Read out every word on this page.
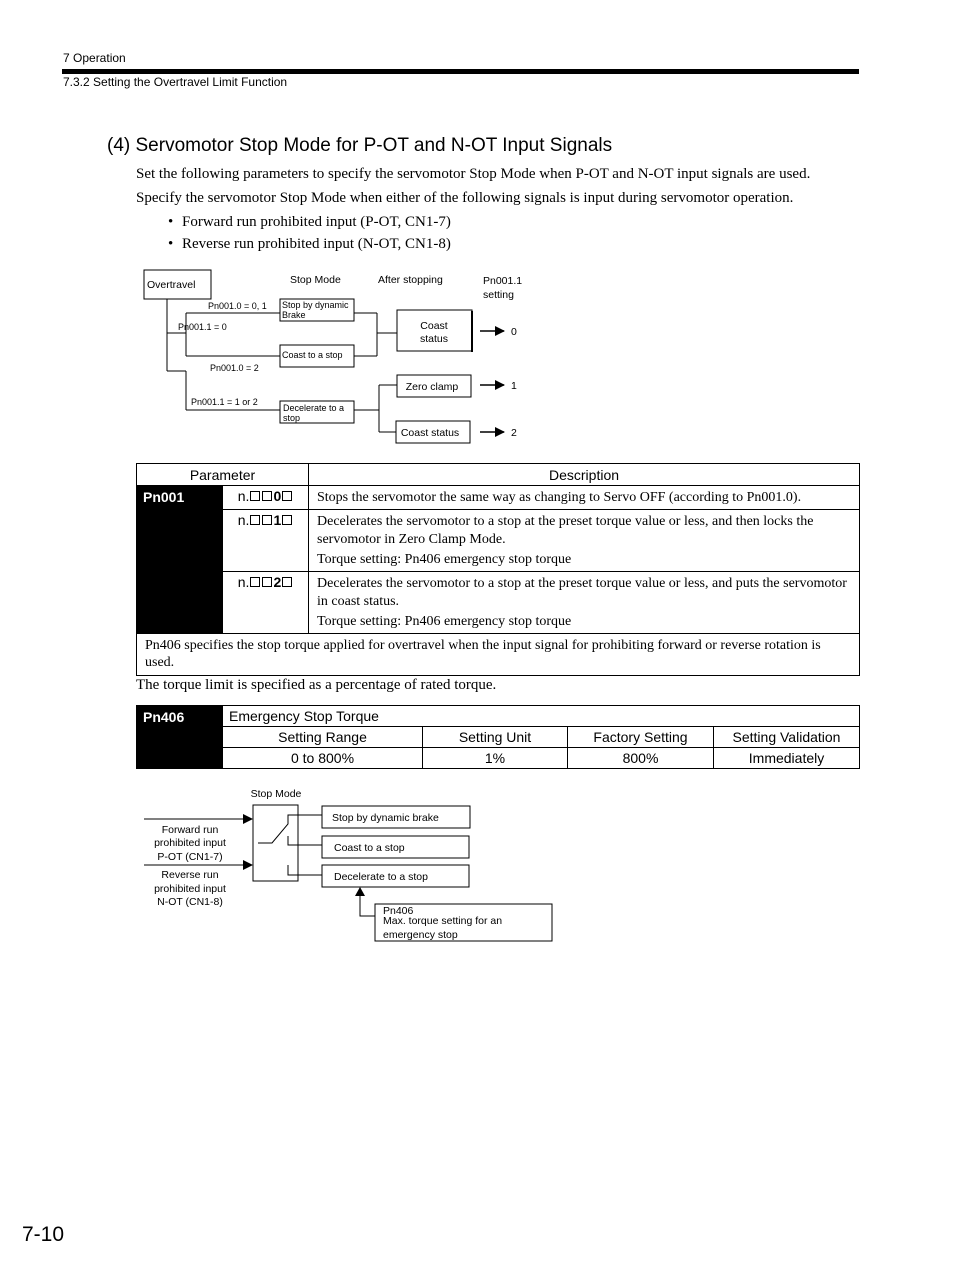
7 Operation
7.3.2 Setting the Overtravel Limit Function
(4) Servomotor Stop Mode for P-OT and N-OT Input Signals
Set the following parameters to specify the servomotor Stop Mode when P-OT and N-OT input signals are used.
Specify the servomotor Stop Mode when either of the following signals is input during servomotor operation.
• Forward run prohibited input (P-OT, CN1-7)
• Reverse run prohibited input (N-OT, CN1-8)
Overtravel	Stop Mode	After stopping	Pn001.1
setting
Pn001.0 = 0, 1
Pn001.1 = 0
Pn001.0 = 2
Pn001.1 = 1 or 2
Stop by dynamic
Brake
Coast to a stop
Decelerate to a
stop
Coast
status
Zero clamp
Coast status
0
1
2
Parameter		Description
Pn001	n. 0	Stops the servomotor the same way as changing to Servo OFF (according to Pn001.0).

	n. 1	Decelerates the servomotor to a stop at the preset torque value or less, and then locks the servomotor in Zero Clamp Mode.
Torque setting: Pn406 emergency stop torque

	n. 2	Decelerates the servomotor to a stop at the preset torque value or less, and puts the servomotor in coast status.
Torque setting: Pn406 emergency stop torque

Pn406 specifies the stop torque applied for overtravel when the input signal for prohibiting forward or reverse rotation is used.		
The torque limit is specified as a percentage of rated torque.
Pn406	Emergency Stop Torque			
	Setting Range	Setting Unit	Factory Setting	Setting Validation
	0 to 800%	1%	800%	Immediately
Stop Mode
Forward run
prohibited input
P-OT (CN1-7)
Reverse run
prohibited input
N-OT (CN1-8)
Stop by dynamic brake
Coast to a stop
Decelerate to a stop
Pn406
Max. torque setting for an
emergency stop
7-10
